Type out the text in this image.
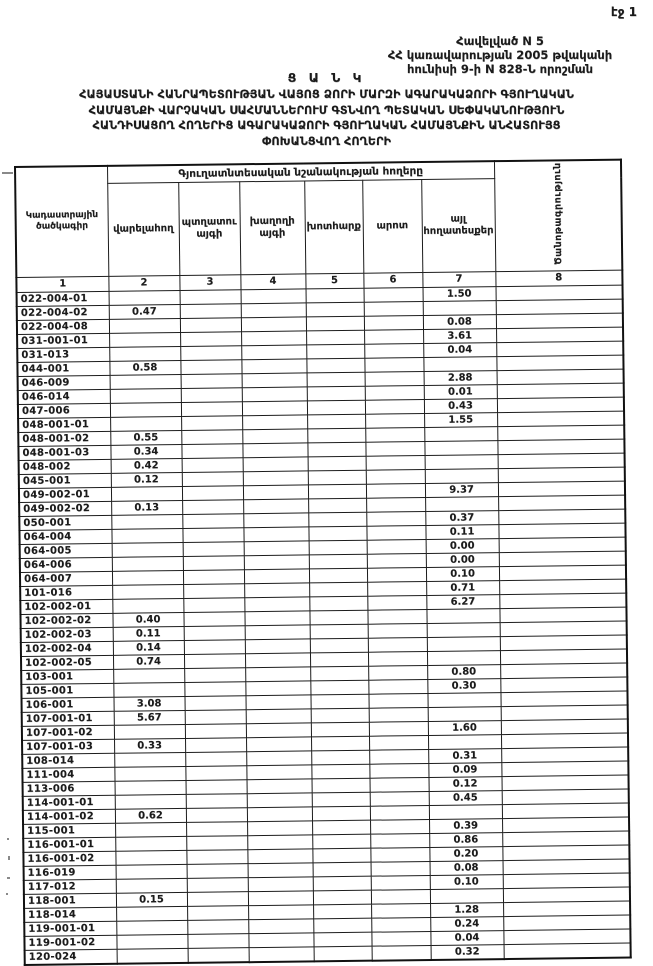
էջ 1
Հավելված N 5
ՀՀ կառավարության 2005 թվականի
հունիսի 9-ի N 828-Ն որոշման
Ց Ա Ն Կ
ՀԱՅԱՍՏԱՆԻ ՀԱՆՐԱՊԵՏՈՒԹՅԱՆ ՎԱՅՈՑ ՁՈՐԻ ՄԱՐԶԻ ԱԳԱՐԱԿԱՁՈՐԻ ԳՅՈՒՂԱԿԱՆ
ՀԱՄԱՅՆՔԻ ՎԱՐՉԱԿԱՆ ՍԱՀՄԱՆՆԵՐՈՒՄ ԳՏՆՎՈՂ ՊԵՏԱԿԱՆ ՍԵՓԱԿԱՆՈՒԹՅՈՒՆ
ՀԱՆԴԻՍԱՑՈՂ ՀՈՂԵՐԻՑ ԱԳԱՐԱԿԱՁՈՐԻ ԳՅՈՒՂԱԿԱՆ ՀԱՄԱՅՆՔԻՆ ԱՆՀԱՏՈՒՅՑ
ՓՈԽԱՆՑՎՈՂ ՀՈՂԵՐԻ
Կադաստրային ծածկագիր	Գյուղատնտեսական նշանակության հողերը						Ծանոթագրություն
	վարելահող	պտղատու այգի	խաղողի այգի	խոտհարք	արոտ	այլ հողատեսքեր	
1	2	3	4	5	6	7	8
022-004-01						1.50	
022-004-02	0.47						
022-004-08						0.08	
031-001-01						3.61	
031-013						0.04	
044-001	0.58						
046-009						2.88	
046-014						0.01	
047-006						0.43	
048-001-01						1.55	
048-001-02	0.55						
048-001-03	0.34						
048-002	0.42						
045-001	0.12						
049-002-01						9.37	
049-002-02	0.13						
050-001						0.37	
064-004						0.11	
064-005						0.00	
064-006						0.00	
064-007						0.10	
101-016						0.71	
102-002-01						6.27	
102-002-02	0.40						
102-002-03	0.11						
102-002-04	0.14						
102-002-05	0.74						
103-001						0.80	
105-001						0.30	
106-001	3.08						
107-001-01	5.67						
107-001-02						1.60	
107-001-03	0.33						
108-014						0.31	
111-004						0.09	
113-006						0.12	
114-001-01						0.45	
114-001-02	0.62						
115-001						0.39	
116-001-01						0.86	
116-001-02						0.20	
116-019						0.08	
117-012						0.10	
118-001	0.15						
118-014						1.28	
119-001-01						0.24	
119-001-02						0.04	
120-024						0.32	
